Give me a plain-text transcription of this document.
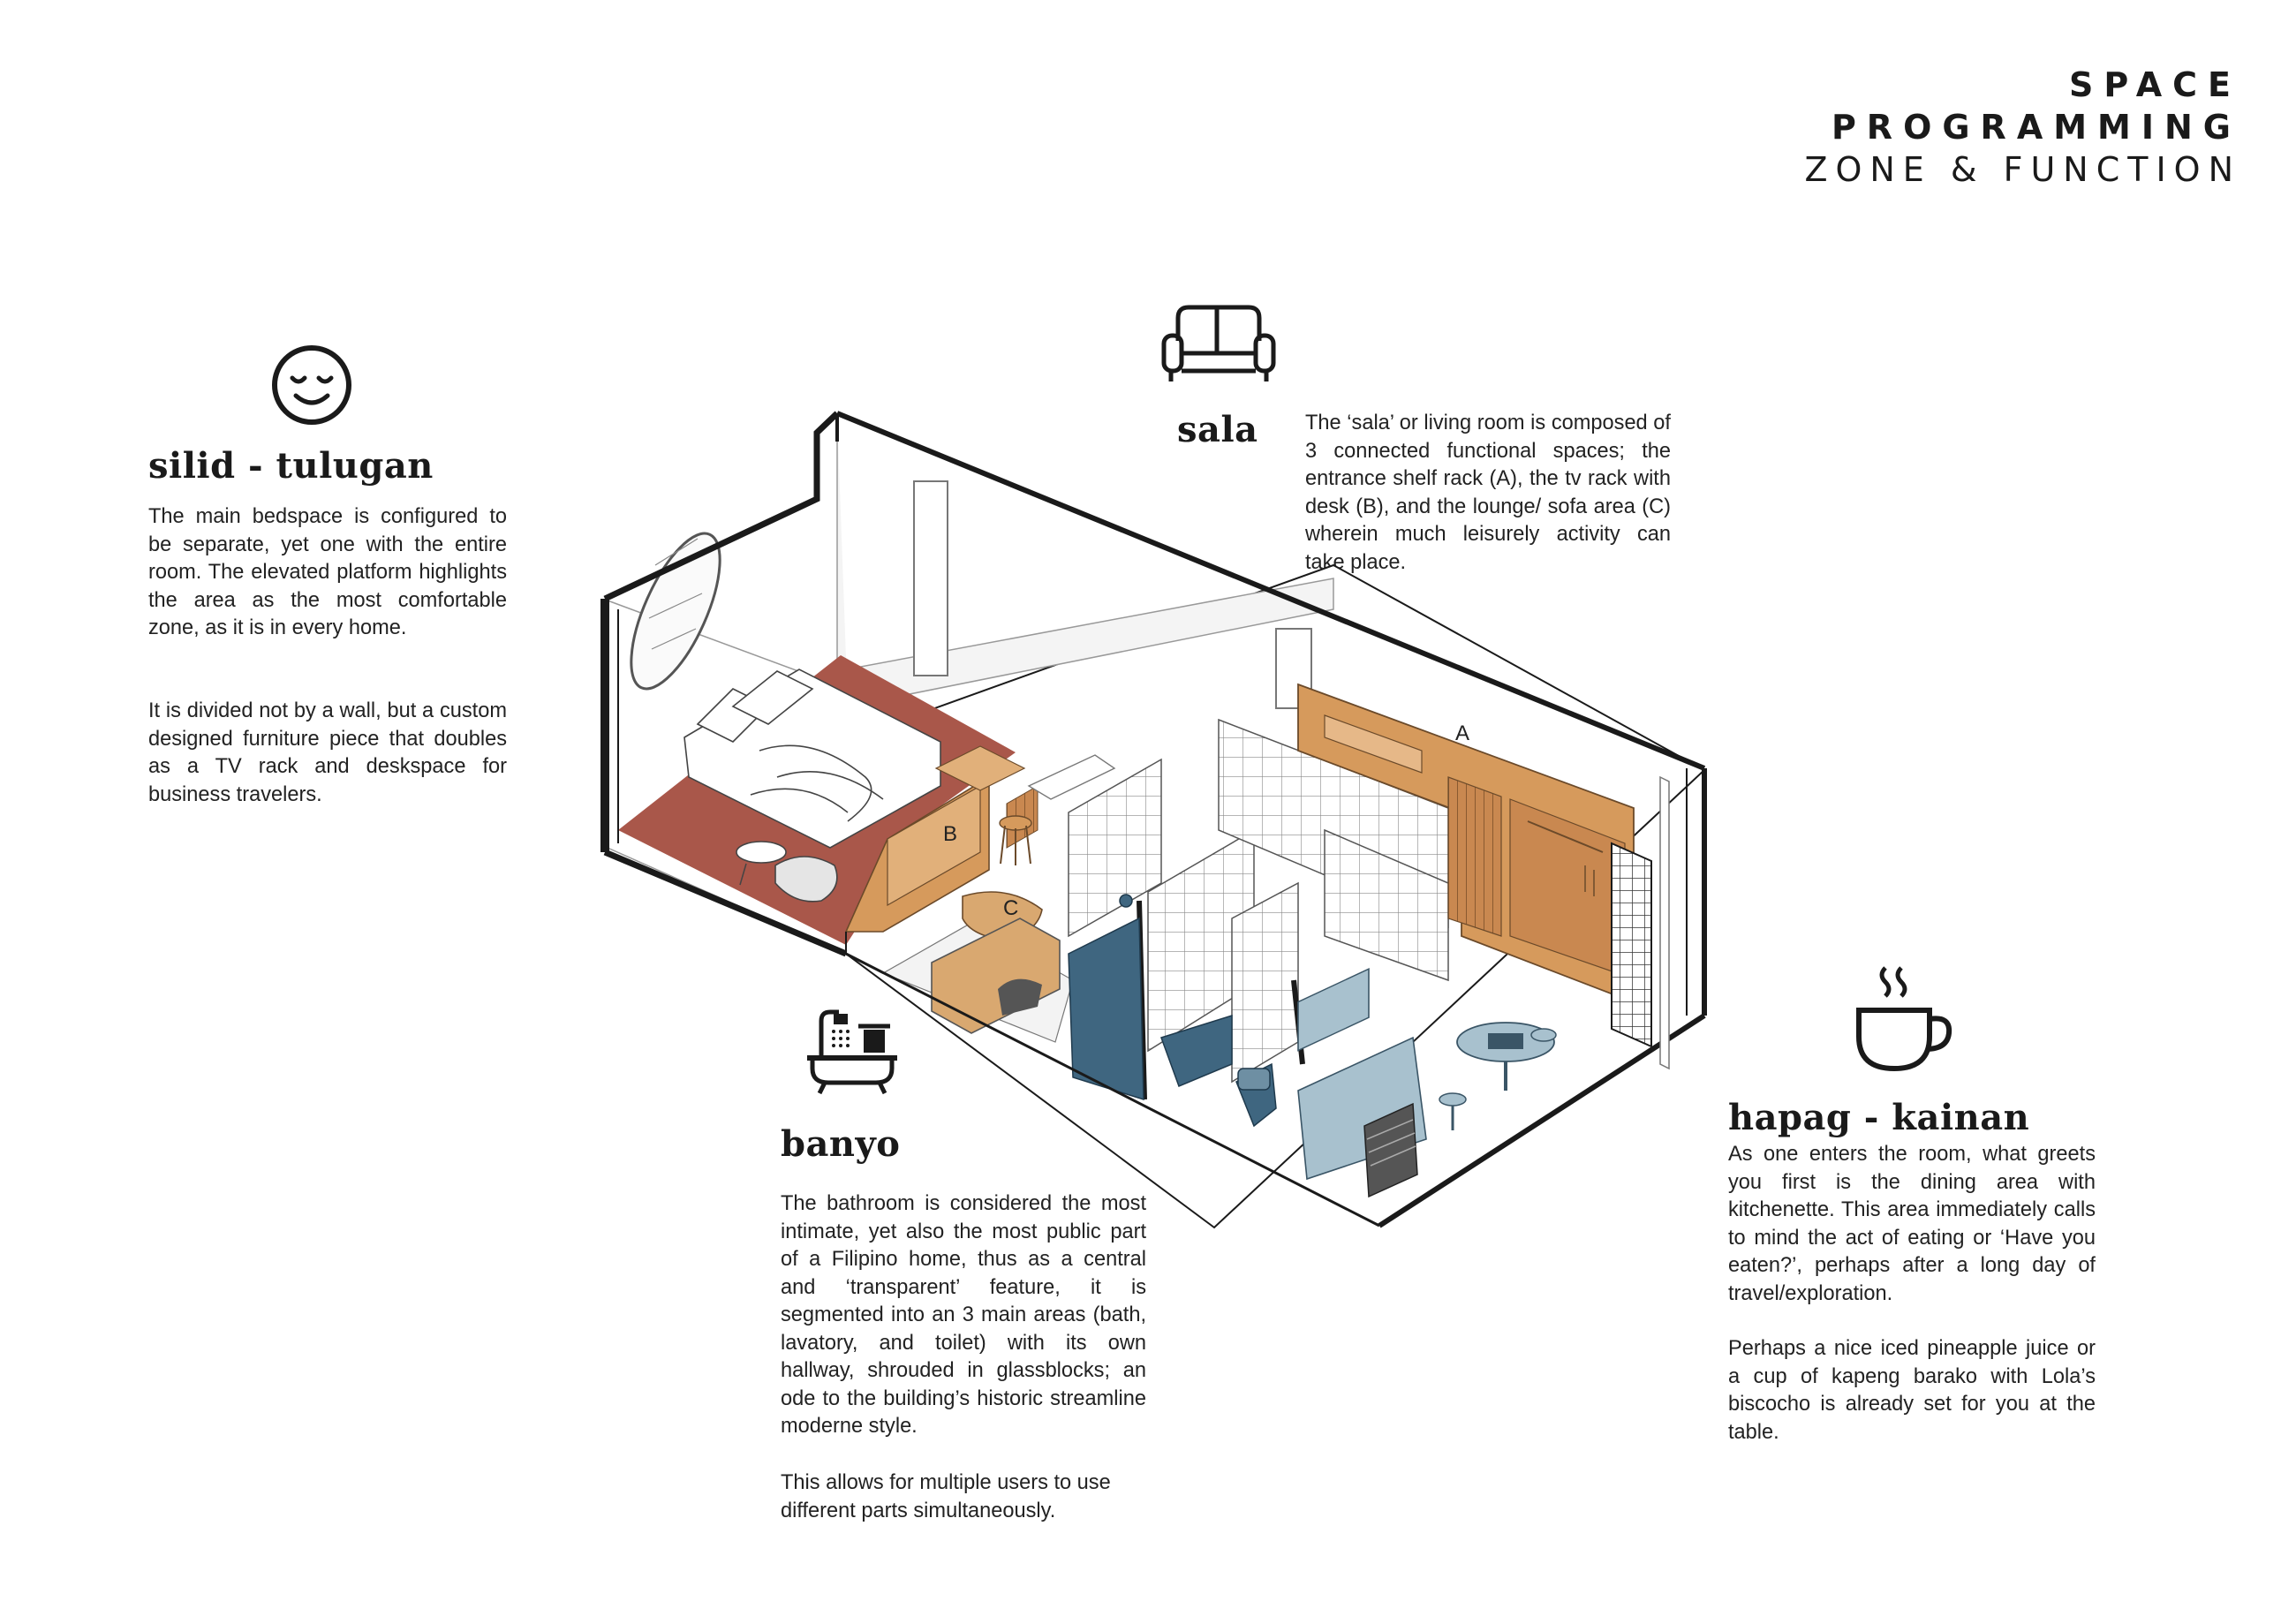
SPACE
PROGRAMMING
ZONE & FUNCTION
silid - tulugan

The main bedspace is configured to be separate, yet one with the entire room. The elevated platform highlights the area as the most comfortable zone, as it is in every home.

It is divided not by a wall, but a custom designed furniture piece that doubles as a TV rack and deskspace for business travelers.

sala The ‘sala’ or living room is composed of 3 connected functional spaces; the entrance shelf rack (A), the tv rack with desk (B), and the lounge/ sofa area (C) wherein much leisurely activity can take place.

banyo

The bathroom is considered the most intimate, yet also the most public part of a Filipino home, thus as a central and ‘transparent’ feature, it is segmented into an 3 main areas (bath, lavatory, and toilet) with its own hallway, shrouded in glassblocks; an ode to the building’s historic streamline moderne style.

This allows for multiple users to use different parts simultaneously.

hapag - kainan

As one enters the room, what greets you first is the dining area with kitchenette. This area immediately calls to mind the act of eating or ‘Have you eaten?’, perhaps after a long day of travel/exploration.

Perhaps a nice iced pineapple juice or a cup of kapeng barako with Lola’s biscocho is already set for you at the table.

A
B
C
